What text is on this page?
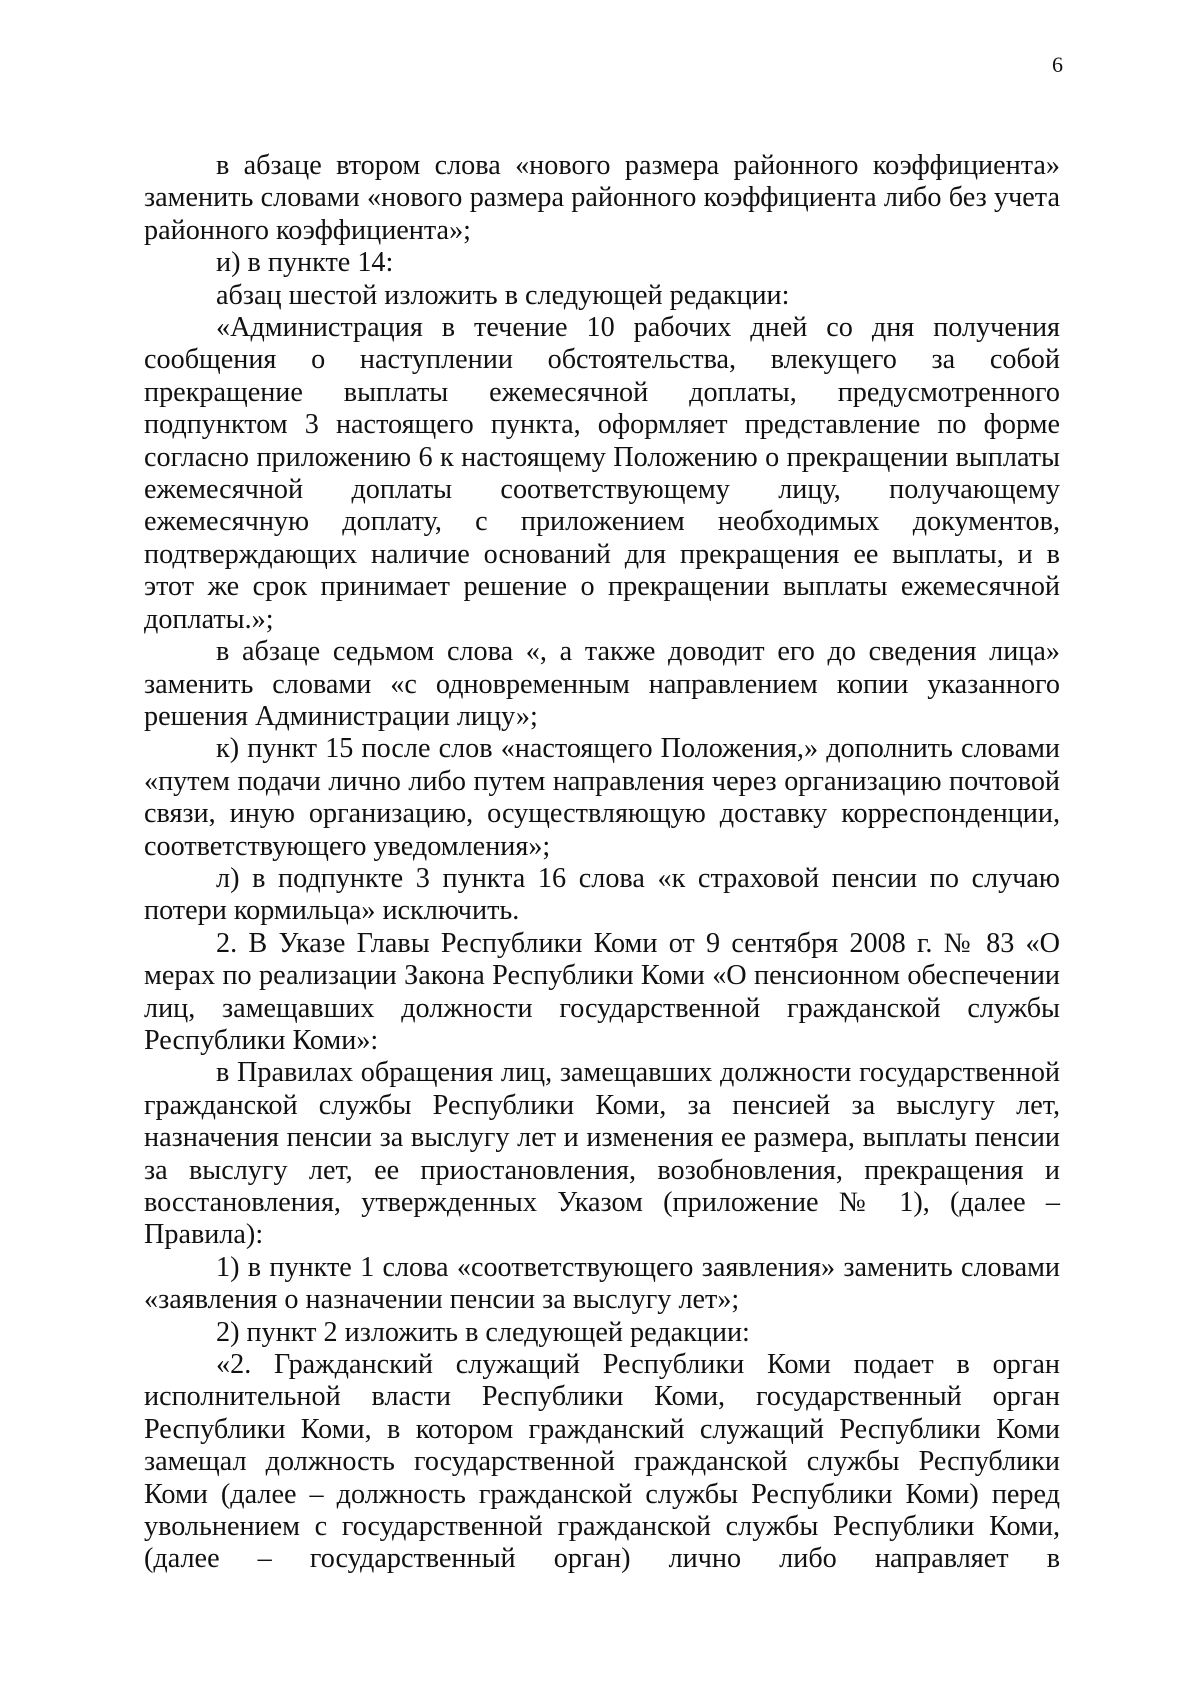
6

в абзаце втором слова «нового размера районного коэффициента» заменить словами «нового размера районного коэффициента либо без учета районного коэффициента»;

и) в пункте 14:

абзац шестой изложить в следующей редакции:

«Администрация в течение 10 рабочих дней со дня получения сообщения о наступлении обстоятельства, влекущего за собой прекращение выплаты ежемесячной доплаты, предусмотренного подпунктом 3 настоящего пункта, оформляет представление по форме согласно приложению 6 к настоящему Положению о прекращении выплаты ежемесячной доплаты соответствующему лицу, получающему ежемесячную доплату, с приложением необходимых документов, подтверждающих наличие оснований для прекращения ее выплаты, и в этот же срок принимает решение о прекращении выплаты ежемесячной доплаты.»;

в абзаце седьмом слова «, а также доводит его до сведения лица» заменить словами «с одновременным направлением копии указанного решения Администрации лицу»;

к) пункт 15 после слов «настоящего Положения,» дополнить словами «путем подачи лично либо путем направления через организацию почтовой связи, иную организацию, осуществляющую доставку корреспонденции, соответствующего уведомления»;

л) в подпункте 3 пункта 16 слова «к страховой пенсии по случаю потери кормильца» исключить.

2. В Указе Главы Республики Коми от 9 сентября 2008 г. № 83 «О мерах по реализации Закона Республики Коми «О пенсионном обеспечении лиц, замещавших должности государственной гражданской службы Республики Коми»:

в Правилах обращения лиц, замещавших должности государственной гражданской службы Республики Коми, за пенсией за выслугу лет, назначения пенсии за выслугу лет и изменения ее размера, выплаты пенсии за выслугу лет, ее приостановления, возобновления, прекращения и восстановления, утвержденных Указом (приложение № 1), (далее – Правила):

1) в пункте 1 слова «соответствующего заявления» заменить словами «заявления о назначении пенсии за выслугу лет»;

2) пункт 2 изложить в следующей редакции:

«2. Гражданский служащий Республики Коми подает в орган исполнительной власти Республики Коми, государственный орган Республики Коми, в котором гражданский служащий Республики Коми замещал должность государственной гражданской службы Республики Коми (далее – должность гражданской службы Республики Коми) перед увольнением с государственной гражданской службы Республики Коми, (далее – государственный орган) лично либо направляет в
